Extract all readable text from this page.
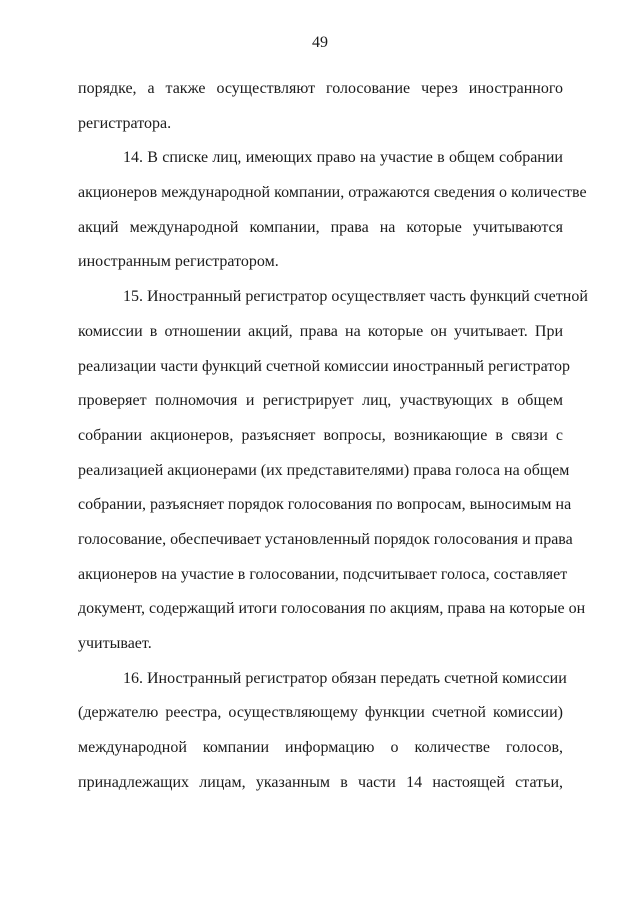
49
порядке, а также осуществляют голосование через иностранного
регистратора.
14. В списке лиц, имеющих право на участие в общем собрании
акционеров международной компании, отражаются сведения о количестве
акций международной компании, права на которые учитываются
иностранным регистратором.
15. Иностранный регистратор осуществляет часть функций счетной
комиссии в отношении акций, права на которые он учитывает. При
реализации части функций счетной комиссии иностранный регистратор
проверяет полномочия и регистрирует лиц, участвующих в общем
собрании акционеров, разъясняет вопросы, возникающие в связи с
реализацией акционерами (их представителями) права голоса на общем
собрании, разъясняет порядок голосования по вопросам, выносимым на
голосование, обеспечивает установленный порядок голосования и права
акционеров на участие в голосовании, подсчитывает голоса, составляет
документ, содержащий итоги голосования по акциям, права на которые он
учитывает.
16. Иностранный регистратор обязан передать счетной комиссии
(держателю реестра, осуществляющему функции счетной комиссии)
международной компании информацию о количестве голосов,
принадлежащих лицам, указанным в части 14 настоящей статьи,
